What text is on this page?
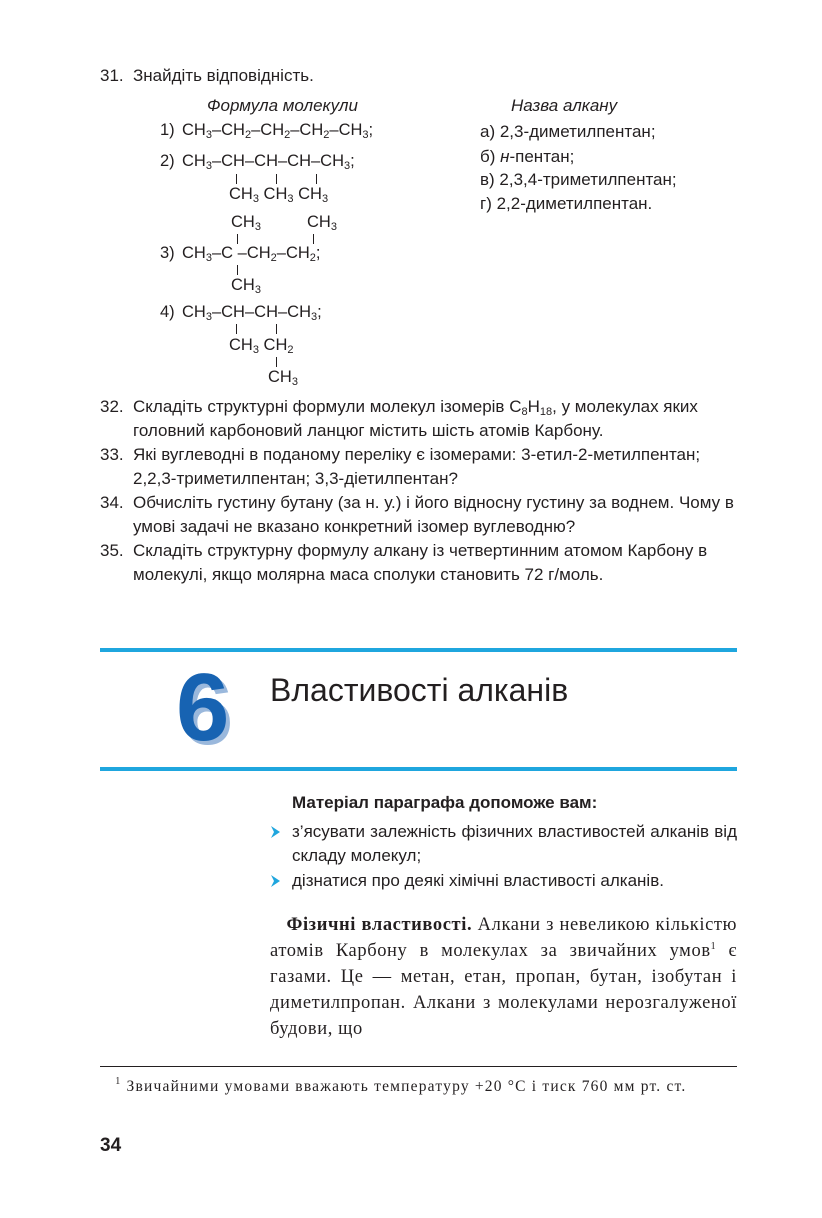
31. Знайдіть відповідність.
Формула молекули	Назва алкану
1) $CH_3-CH_2-CH_2-CH_2-CH_3$;
2) $CH_3-CH-CH-CH-CH_3$;
$CH_3$ $CH_3$ $CH_3$
$CH_3$	$CH_3$
3) $CH_3-C$ $-CH_2-CH_2$;
$CH_3$
4) $CH_3-CH-CH-CH_3$;
$CH_3$ $CH_2$
$CH_3$
а) 2,3-диметилпентан;
б) н-пентан;
в) 2,3,4-триметилпентан;
г) 2,2-диметилпентан.
32. Складіть структурні формули молекул ізомерів $C_8H_{18}$, у молекулах яких головний карбоновий ланцюг містить шість атомів Карбону.
33. Які вуглеводні в поданому переліку є ізомерами: 3-етил-2-метилпентан; 2,2,3-триметилпентан; 3,3-діетилпентан?
34. Обчисліть густину бутану (за н. у.) і його відносну густину за воднем. Чому в умові задачі не вказано конкретний ізомер вуглеводню?
35. Складіть структурну формулу алкану із четвертинним атомом Карбону в молекулі, якщо молярна маса сполуки становить 72 г/моль.
6 Властивості алканів
Матеріал параграфа допоможе вам:
з’ясувати залежність фізичних властивостей алканів від складу молекул;
дізнатися про деякі хімічні властивості алканів.
Фізичні властивості. Алкани з невеликою кількістю атомів Карбону в молекулах за звичайних умов$^1$ є газами. Це — метан, етан, пропан, бутан, ізобутан і диметилпропан. Алкани з молекулами нерозгалуженої будови, що
$^1$ Звичайними умовами вважають температуру +20 °С і тиск 760 мм рт. ст.
34
